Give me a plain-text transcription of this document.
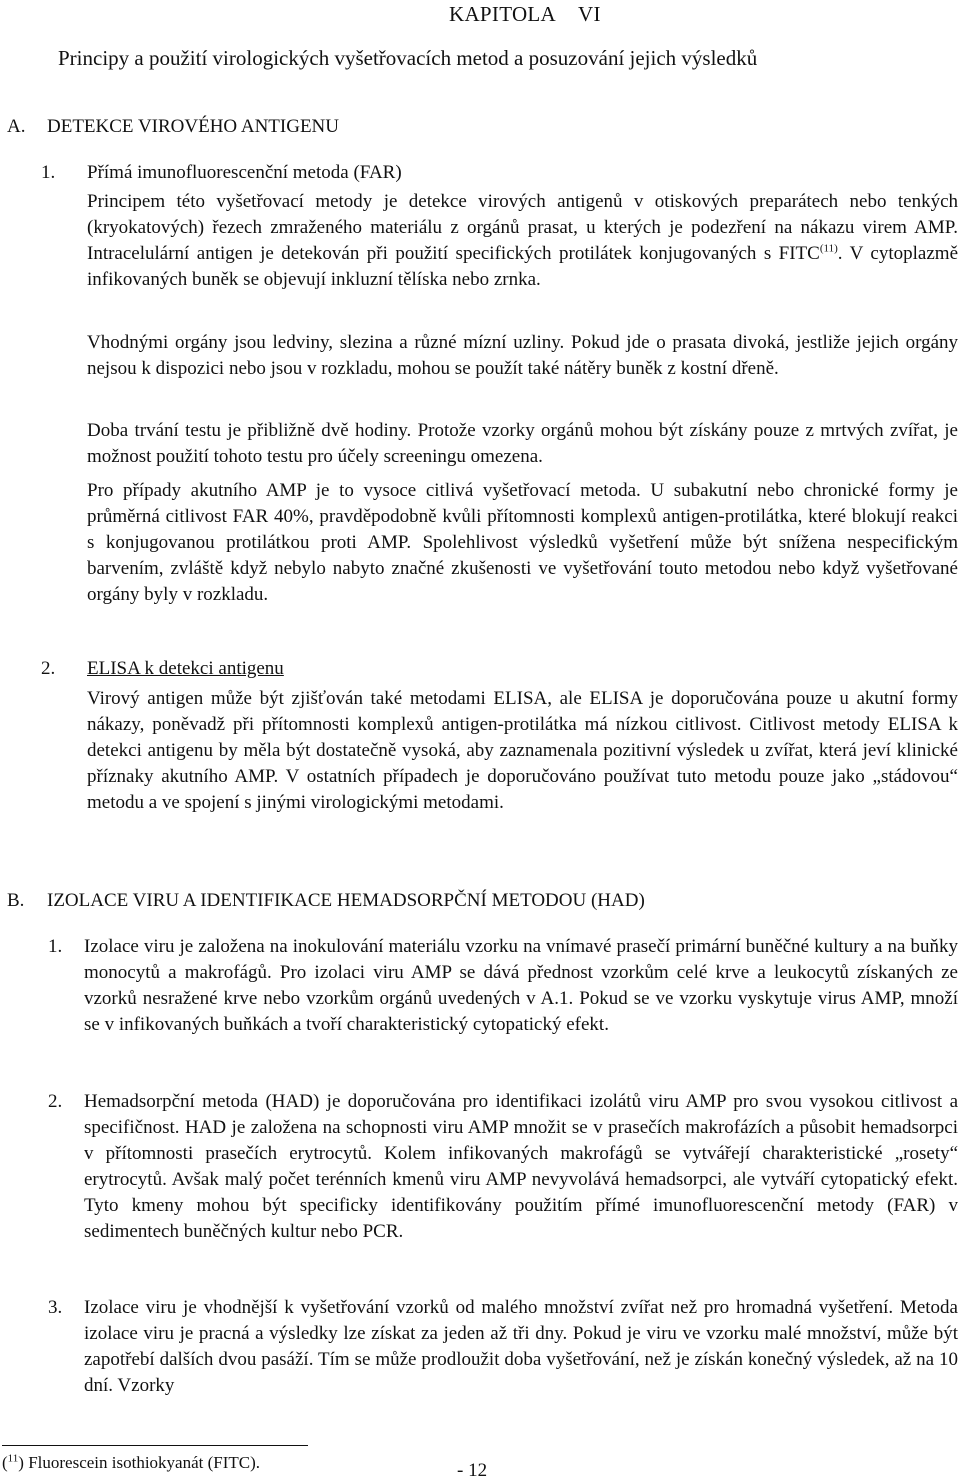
KAPITOLA VI
Principy a použití virologických vyšetřovacích metod a posuzování jejich výsledků
A. DETEKCE VIROVÉHO ANTIGENU
1. Přímá imunofluorescenční metoda (FAR)
Principem této vyšetřovací metody je detekce virových antigenů v otiskových preparátech nebo tenkých (kryokatových) řezech zmraženého materiálu z orgánů prasat, u kterých je podezření na nákazu virem AMP. Intracelulární antigen je detekován při použití specifických protilátek konjugovaných s FITC$^{(11)}$. V cytoplazmě infikovaných buněk se objevují inkluzní tělíska nebo zrnka.
Vhodnými orgány jsou ledviny, slezina a různé mízní uzliny. Pokud jde o prasata divoká, jestliže jejich orgány nejsou k dispozici nebo jsou v rozkladu, mohou se použít také nátěry buněk z kostní dřeně.
Doba trvání testu je přibližně dvě hodiny. Protože vzorky orgánů mohou být získány pouze z mrtvých zvířat, je možnost použití tohoto testu pro účely screeningu omezena.
Pro případy akutního AMP je to vysoce citlivá vyšetřovací metoda. U subakutní nebo chronické formy je průměrná citlivost FAR 40%, pravděpodobně kvůli přítomnosti komplexů antigen-protilátka, které blokují reakci s konjugovanou protilátkou proti AMP. Spolehlivost výsledků vyšetření může být snížena nespecifickým barvením, zvláště když nebylo nabyto značné zkušenosti ve vyšetřování touto metodou nebo když vyšetřované orgány byly v rozkladu.
2. ELISA k detekci antigenu
Virový antigen může být zjišťován také metodami ELISA, ale ELISA je doporučována pouze u akutní formy nákazy, poněvadž při přítomnosti komplexů antigen-protilátka má nízkou citlivost. Citlivost metody ELISA k detekci antigenu by měla být dostatečně vysoká, aby zaznamenala pozitivní výsledek u zvířat, která jeví klinické příznaky akutního AMP. V ostatních případech je doporučováno používat tuto metodu pouze jako „stádovou“ metodu a ve spojení s jinými virologickými metodami.
B. IZOLACE VIRU A IDENTIFIKACE HEMADSORPČNÍ METODOU (HAD)
1. Izolace viru je založena na inokulování materiálu vzorku na vnímavé prasečí primární buněčné kultury a na buňky monocytů a makrofágů. Pro izolaci viru AMP se dává přednost vzorkům celé krve a leukocytů získaných ze vzorků nesražené krve nebo vzorkům orgánů uvedených v A.1. Pokud se ve vzorku vyskytuje virus AMP, množí se v infikovaných buňkách a tvoří charakteristický cytopatický efekt.
2. Hemadsorpční metoda (HAD) je doporučována pro identifikaci izolátů viru AMP pro svou vysokou citlivost a specifičnost. HAD je založena na schopnosti viru AMP množit se v prasečích makrofázích a působit hemadsorpci v přítomnosti prasečích erytrocytů. Kolem infikovaných makrofágů se vytvářejí charakteristické „rosety“ erytrocytů. Avšak malý počet terénních kmenů viru AMP nevyvolává hemadsorpci, ale vytváří cytopatický efekt. Tyto kmeny mohou být specificky identifikovány použitím přímé imunofluorescenční metody (FAR) v sedimentech buněčných kultur nebo PCR.
3. Izolace viru je vhodnější k vyšetřování vzorků od malého množství zvířat než pro hromadná vyšetření. Metoda izolace viru je pracná a výsledky lze získat za jeden až tři dny. Pokud je viru ve vzorku malé množství, může být zapotřebí dalších dvou pasáží. Tím se může prodloužit doba vyšetřování, než je získán konečný výsledek, až na 10 dní. Vzorky
($^{11}$) Fluorescein isothiokyanát (FITC).	- 12
